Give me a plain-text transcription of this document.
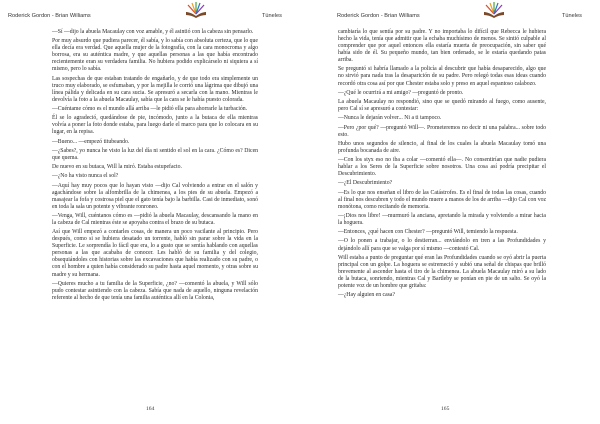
Roderick Gordon - Brian Williams	Túneles

—Sí —dijo la abuela Macaulay con voz amable, y él asintió con la cabeza sin pensarlo.

Por muy absurdo que pudiera parecer, él sabía, y lo sabía con absoluta certeza, que lo que ella decía era verdad. Que aquella mujer de la fotografía, con la cara monocroma y algo borrosa, era su auténtica madre, y que aquellas personas a las que había encontrado recientemente eran su verdadera familia. No hubiera podido explicárselo ni siquiera a sí mismo, pero lo sabía.

Las sospechas de que estaban tratando de engañarlo, y de que todo era simplemente un truco muy elaborado, se esfumaban, y por la mejilla le corrió una lágrima que dibujó una línea pálida y delicada en su cara sucia. Se apresuró a secarla con la mano. Mientras le devolvía la foto a la abuela Macaulay, sabía que la cara se le había puesto colorada.

—Cuéntame cómo es el mundo allá arriba —le pidió ella para ahorrarle la turbación.

Él se lo agradeció, quedándose de pie, incómodo, junto a la butaca de ella mientras volvía a poner la foto donde estaba, para luego darle el marco para que lo colocara en su lugar, en la repisa.

—Bueno... —empezó titubeando.

—¿Sabes?, yo nunca he visto la luz del día ni sentido el sol en la cara. ¿Cómo es? Dicen que quema.

De nuevo en su butaca, Will la miró. Estaba estupefacto.

—¿No ha visto nunca el sol?

—Aquí hay muy pocos que lo hayan visto —dijo Cal volviendo a entrar en el salón y agachándose sobre la alfombrilla de la chimenea, a los pies de su abuela. Empezó a masajear la fofa y costrosa piel que el gato tenía bajo la barbilla. Casi de inmediato, sonó en toda la sala un potente y vibrante ronroneo.

—Venga, Will, cuéntanos cómo es —pidió la abuela Macaulay, descansando la mano en la cabeza de Cal mientras éste se apoyaba contra el brazo de su butaca.

Así que Will empezó a contarles cosas, de manera un poco vacilante al principio. Pero después, como si se hubiera desatado un torrente, habló sin parar sobre la vida en la Superficie. Le sorprendía lo fácil que era, lo a gusto que se sentía hablando con aquellas personas a las que acababa de conocer. Les habló de su familia y del colegio, obsequiándoles con historias sobre las excavaciones que había realizado con su padre, o con el hombre a quien había considerado su padre hasta aquel momento, y otras sobre su madre y su hermana.

—Quieres mucho a tu familia de la Superficie, ¿no? —comentó la abuela, y Will sólo pudo contestar asintiendo con la cabeza. Sabía que nada de aquello, ninguna revelación referente al hecho de que tenía una familia auténtica allí en la Colonia,

164
Roderick Gordon - Brian Williams	Túneles

cambiaría lo que sentía por su padre. Y no importaba lo difícil que Rebecca le hubiera hecho la vida, tenía que admitir que la echaba muchísimo de menos. Se sintió culpable al comprender que por aquel entonces ella estaría muerta de preocupación, sin saber qué había sido de él. Su pequeño mundo, tan bien ordenado, se le estaría quedando patas arriba.

Se preguntó si habría llamado a la policía al descubrir que había desaparecido, algo que no sirvió para nada tras la desaparición de su padre. Pero relegó todas esas ideas cuando recordó otra cosa así por que Chester estaba solo y preso en aquel espantoso calabozo.

—¿Qué le ocurrirá a mi amigo? —preguntó de pronto.

La abuela Macaulay no respondió, sino que se quedó mirando al fuego, como ausente, pero Cal sí se apresuró a contestar:

—Nunca le dejarán volver... Ni a ti tampoco.

—Pero ¿por qué? —preguntó Will—. Prometeremos no decir ni una palabra... sobre todo esto.

Hubo unos segundos de silencio, al final de los cuales la abuela Macaulay tomó una profunda bocanada de aire.

—Con los styx eso no iba a colar —comentó ella—. No consentirían que nadie pudiera hablar a los Seres de la Superficie sobre nosotros. Una cosa así podría precipitar el Descubrimiento.

—¿El Descubrimiento?

—Es lo que nos enseñan el libro de las Catástrofes. Es el final de todas las cosas, cuando al final nos descubren y todo el mundo muere a manos de los de arriba —dijo Cal con voz monótona, como recitando de memoria.

—¡Dios nos libre! —murmuró la anciana, apretando la mirada y volviendo a mirar hacia la hoguera.

—Entonces, ¿qué hacen con Chester? —preguntó Will, temiendo la respuesta.

—O lo ponen a trabajar, o lo destierran... enviándolo en tren a las Profundidades y dejándolo allí para que se valga por sí mismo —contestó Cal.

Will estaba a punto de preguntar qué eran las Profundidades cuando se oyó abrir la puerta principal con un golpe. La hoguera se estremeció y subió una señal de chispas que brilló brevemente al ascender hasta el tiro de la chimenea. La abuela Macaulay miró a su lado de la butaca, sonriendo, mientras Cal y Bartleby se ponían en pie de un salto. Se oyó la potente voz de un hombre que gritaba:

—¿Hay alguien en casa?

165
